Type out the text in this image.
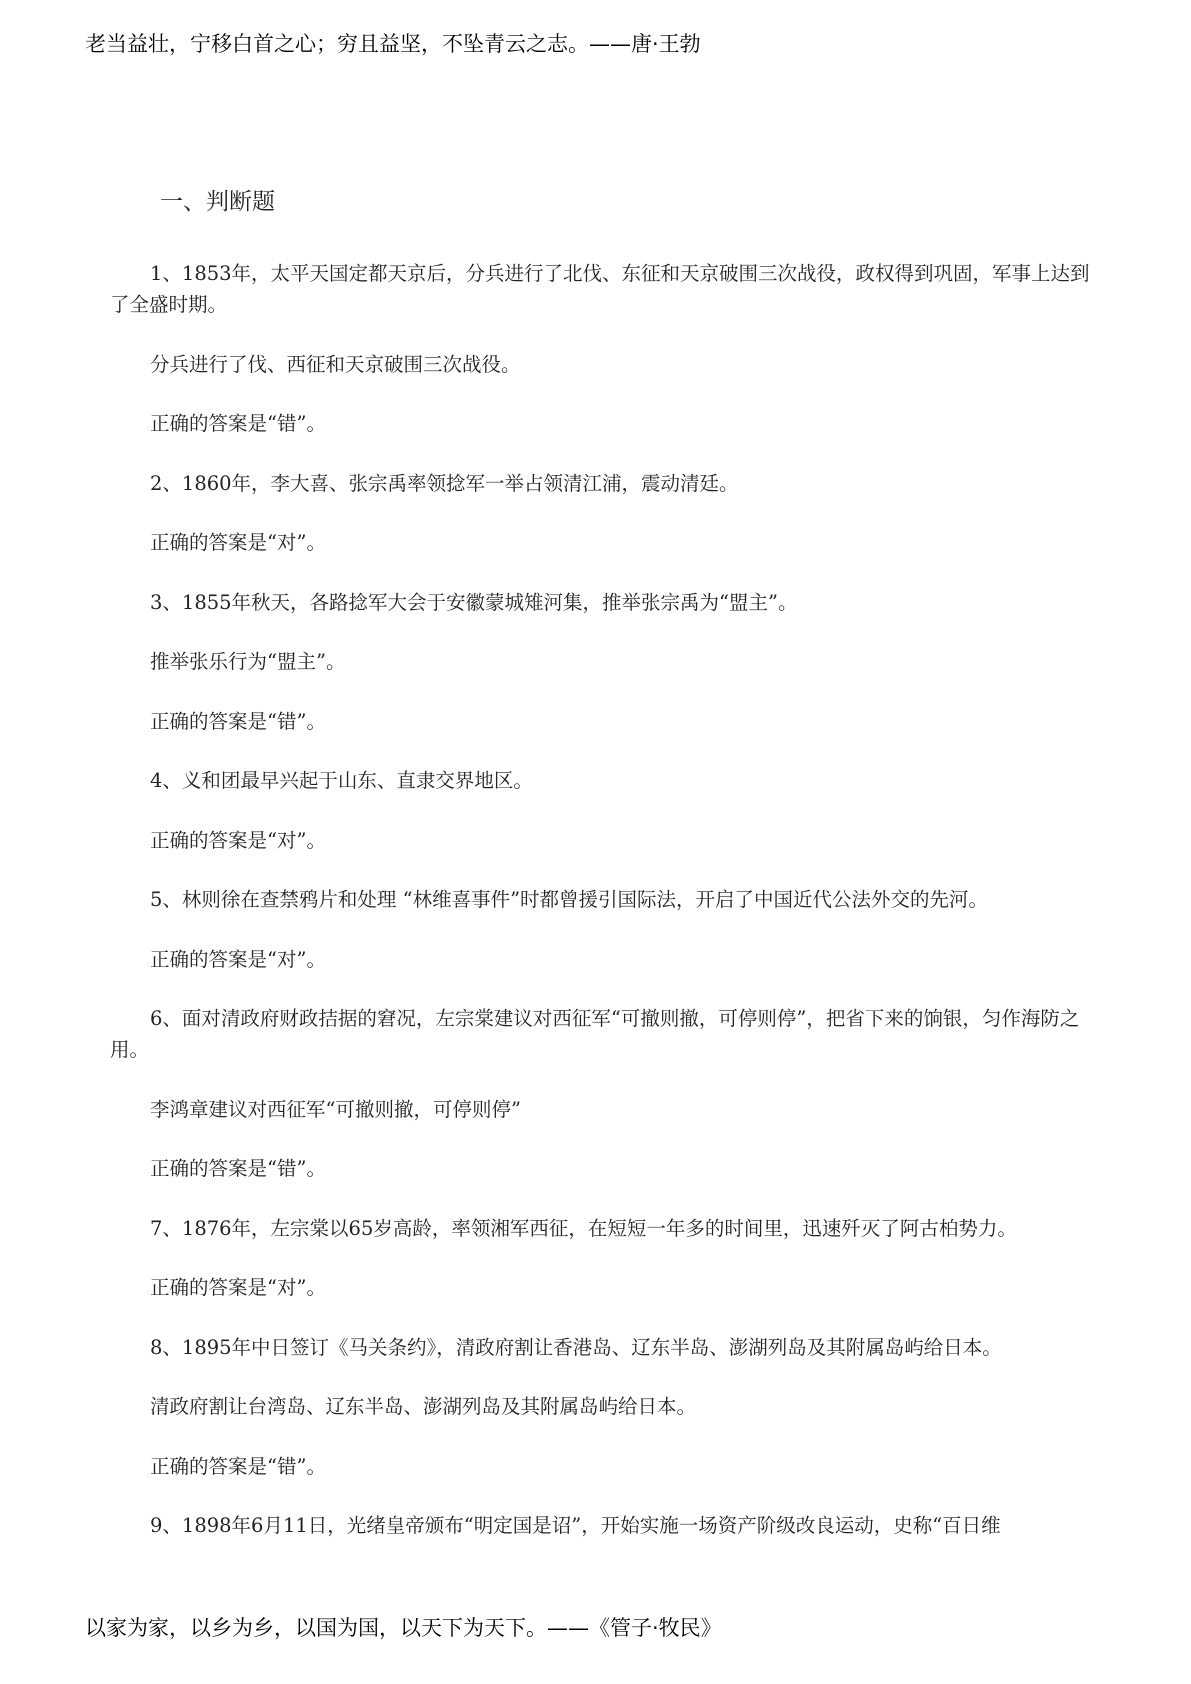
老当益壮，宁移白首之心；穷且益坚，不坠青云之志。——唐·王勃
一、判断题

1、1853年，太平天国定都天京后，分兵进行了北伐、东征和天京破围三次战役，政权得到巩固，军事上达到了全盛时期。

分兵进行了伐、西征和天京破围三次战役。

正确的答案是“错”。

2、1860年，李大喜、张宗禹率领捻军一举占领清江浦，震动清廷。

正确的答案是“对”。

3、1855年秋天，各路捻军大会于安徽蒙城雉河集，推举张宗禹为“盟主”。

推举张乐行为“盟主”。

正确的答案是“错”。

4、义和团最早兴起于山东、直隶交界地区。

正确的答案是“对”。

5、林则徐在查禁鸦片和处理 “林维喜事件”时都曾援引国际法，开启了中国近代公法外交的先河。

正确的答案是“对”。

6、面对清政府财政拮据的窘况，左宗棠建议对西征军“可撤则撤，可停则停”，把省下来的饷银，匀作海防之用。

李鸿章建议对西征军“可撤则撤，可停则停”

正确的答案是“错”。

7、1876年，左宗棠以65岁高龄，率领湘军西征，在短短一年多的时间里，迅速歼灭了阿古柏势力。

正确的答案是“对”。

8、1895年中日签订《马关条约》，清政府割让香港岛、辽东半岛、澎湖列岛及其附属岛屿给日本。

清政府割让台湾岛、辽东半岛、澎湖列岛及其附属岛屿给日本。

正确的答案是“错”。

9、1898年6月11日，光绪皇帝颁布“明定国是诏”，开始实施一场资产阶级改良运动，史称“百日维

以家为家，以乡为乡，以国为国，以天下为天下。——《管子·牧民》
